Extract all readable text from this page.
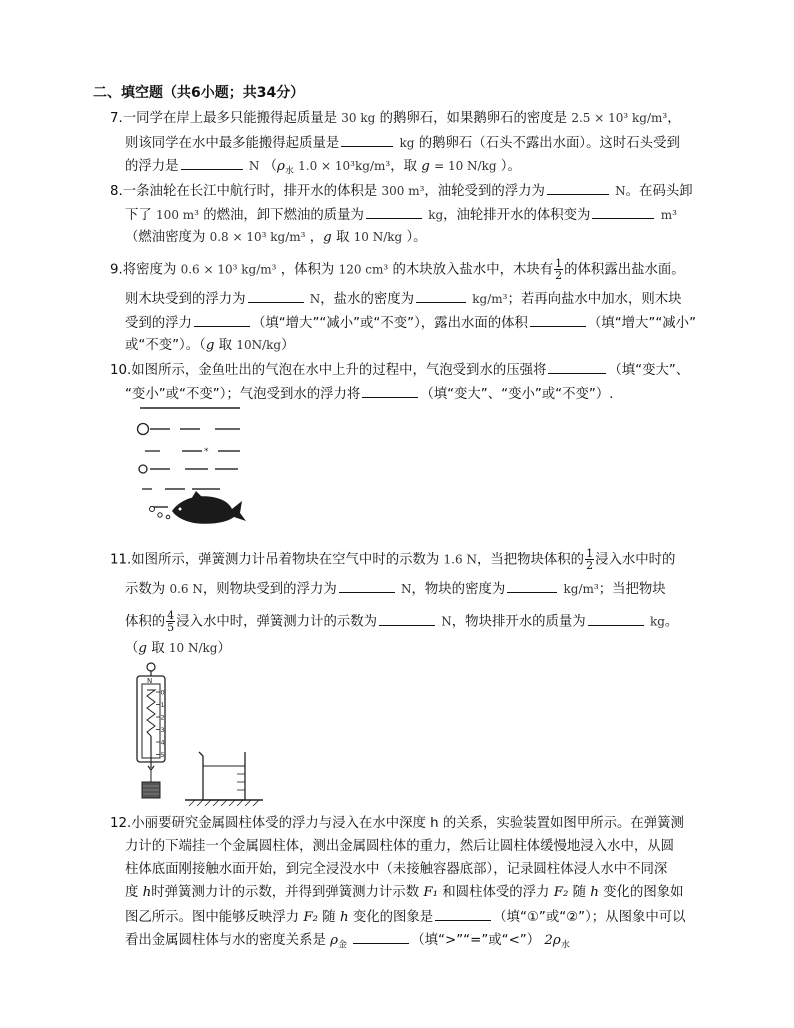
二、填空题（共6小题；共34分）
7.一同学在岸上最多只能搬得起质量是 30 kg 的鹅卵石，如果鹅卵石的密度是 2.5 × 10³ kg/m³，
则该同学在水中最多能搬得起质量是	kg 的鹅卵石（石头不露出水面）。这时石头受到
的浮力是	N （$\rho_水$ 1.0 × 10³kg/m³，取 g = 10 N/kg ）。
8.一条油轮在长江中航行时，排开水的体积是 300 m³，油轮受到的浮力为	N。在码头卸
下了 100 m³ 的燃油，卸下燃油的质量为	kg，油轮排开水的体积变为	m³
（燃油密度为 0.8 × 10³ kg/m³ ，g 取 10 N/kg ）。
9.将密度为 0.6 × 10³ kg/m³ ，体积为 120 cm³ 的木块放入盐水中，木块有 $\frac{1}{2}$ 的体积露出盐水面。
则木块受到的浮力为	N，盐水的密度为	kg/m³；若再向盐水中加水，则木块
受到的浮力	（填“增大”“减小”或“不变”），露出水面的体积	（填“增大”“减小”
或“不变”）。（g 取 10N/kg）
10.如图所示，金鱼吐出的气泡在水中上升的过程中，气泡受到水的压强将	（填“变大”、
“变小”或“不变”）；气泡受到水的浮力将	（填“变大”、“变小”或“不变”）.
*
11.如图所示，弹簧测力计吊着物块在空气中时的示数为 1.6 N，当把物块体积的 $\frac{1}{2}$ 浸入水中时的
示数为 0.6 N，则物块受到的浮力为	N，物块的密度为	kg/m³；当把物块
体积的 $\frac{4}{5}$ 浸入水中时，弹簧测力计的示数为	N，物块排开水的质量为	kg。
（g 取 10 N/kg）
N
0
1
2
3
4
5
12.小丽要研究金属圆柱体受的浮力与浸入在水中深度 h 的关系，实验装置如图甲所示。在弹簧测
力计的下端挂一个金属圆柱体，测出金属圆柱体的重力，然后让圆柱体缓慢地浸入水中，从圆
柱体底面刚接触水面开始，到完全浸没水中（未接触容器底部），记录圆柱体浸人水中不同深
度 h时弹簧测力计的示数，并得到弹簧测力计示数 F₁ 和圆柱体受的浮力 F₂ 随 h 变化的图象如
图乙所示。图中能够反映浮力 F₂ 随 h 变化的图象是	（填“①”或“②”）；从图象中可以
看出金属圆柱体与水的密度关系是 $\rho_金$	（填“>”“=”或“<”） $2\rho_水$
